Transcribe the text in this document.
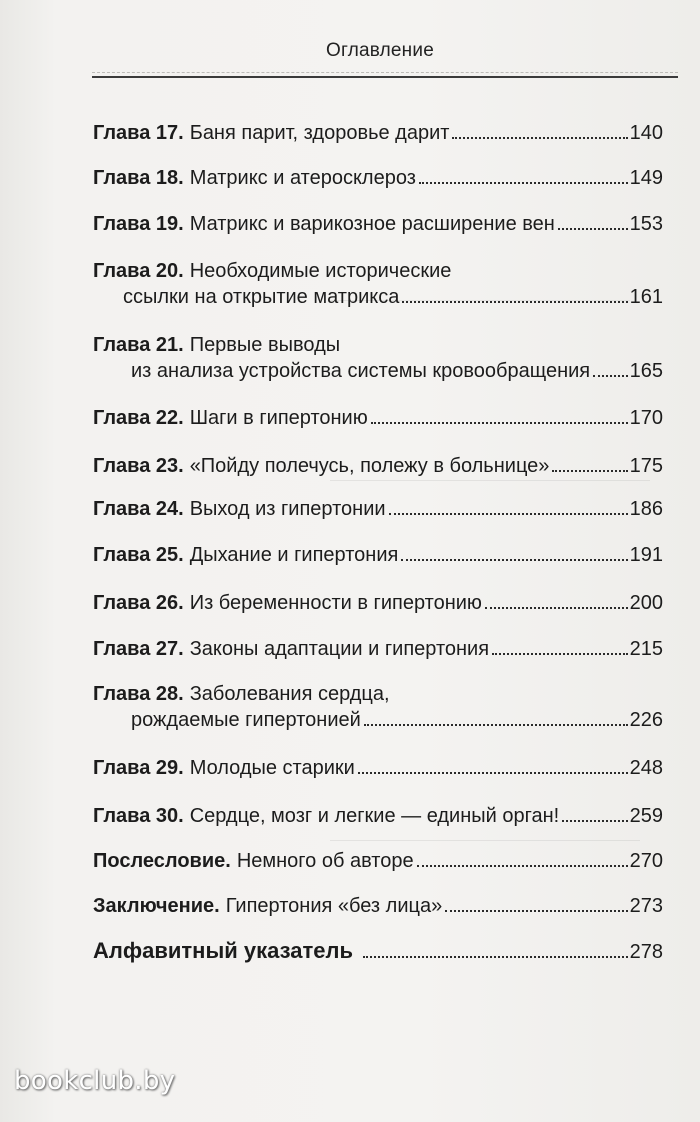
Оглавление
Глава 17. Баня парит, здоровье дарит	140
Глава 18. Матрикс и атеросклероз	149
Глава 19. Матрикс и варикозное расширение вен	153
Глава 20. Необходимые исторические
ссылки на открытие матрикса	161
Глава 21. Первые выводы
из анализа устройства системы кровообращения 165
Глава 22. Шаги в гипертонию	170
Глава 23. «Пойду полечусь, полежу в больнице»	175
Глава 24. Выход из гипертонии	186
Глава 25. Дыхание и гипертония	191
Глава 26. Из беременности в гипертонию	200
Глава 27. Законы адаптации и гипертония	215
Глава 28. Заболевания сердца,
рождаемые гипертонией	226
Глава 29. Молодые старики	248
Глава 30. Сердце, мозг и легкие — единый орган!	259
Послесловие. Немного об авторе	270
Заключение. Гипертония «без лица»	273
Алфавитный указатель	278
bookclub.by
